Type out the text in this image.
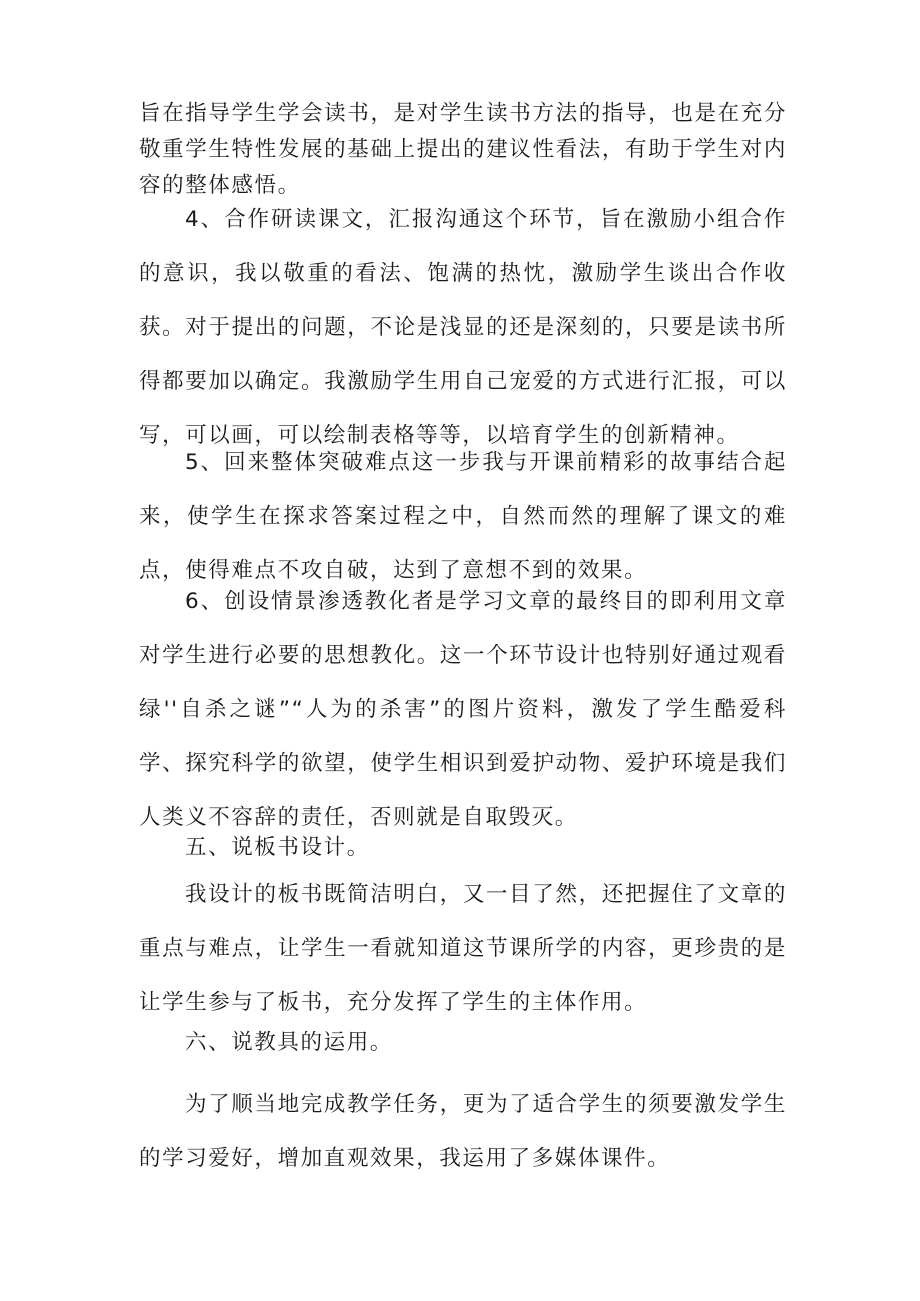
旨在指导学生学会读书，是对学生读书方法的指导，也是在充分敬重学生特性发展的基础上提出的建议性看法，有助于学生对内容的整体感悟。

4、合作研读课文，汇报沟通这个环节，旨在激励小组合作的意识，我以敬重的看法、饱满的热忱，激励学生谈出合作收获。对于提出的问题，不论是浅显的还是深刻的，只要是读书所得都要加以确定。我激励学生用自己宠爱的方式进行汇报，可以写，可以画，可以绘制表格等等，以培育学生的创新精神。

5、回来整体突破难点这一步我与开课前精彩的故事结合起来，使学生在探求答案过程之中，自然而然的理解了课文的难点，使得难点不攻自破，达到了意想不到的效果。

6、创设情景渗透教化者是学习文章的最终目的即利用文章对学生进行必要的思想教化。这一个环节设计也特别好通过观看绿''自杀之谜”“人为的杀害”的图片资料，激发了学生酷爱科学、探究科学的欲望，使学生相识到爱护动物、爱护环境是我们人类义不容辞的责任，否则就是自取毁灭。

五、说板书设计。

我设计的板书既简洁明白，又一目了然，还把握住了文章的重点与难点，让学生一看就知道这节课所学的内容，更珍贵的是让学生参与了板书，充分发挥了学生的主体作用。

六、说教具的运用。

为了顺当地完成教学任务，更为了适合学生的须要激发学生的学习爱好，增加直观效果，我运用了多媒体课件。
